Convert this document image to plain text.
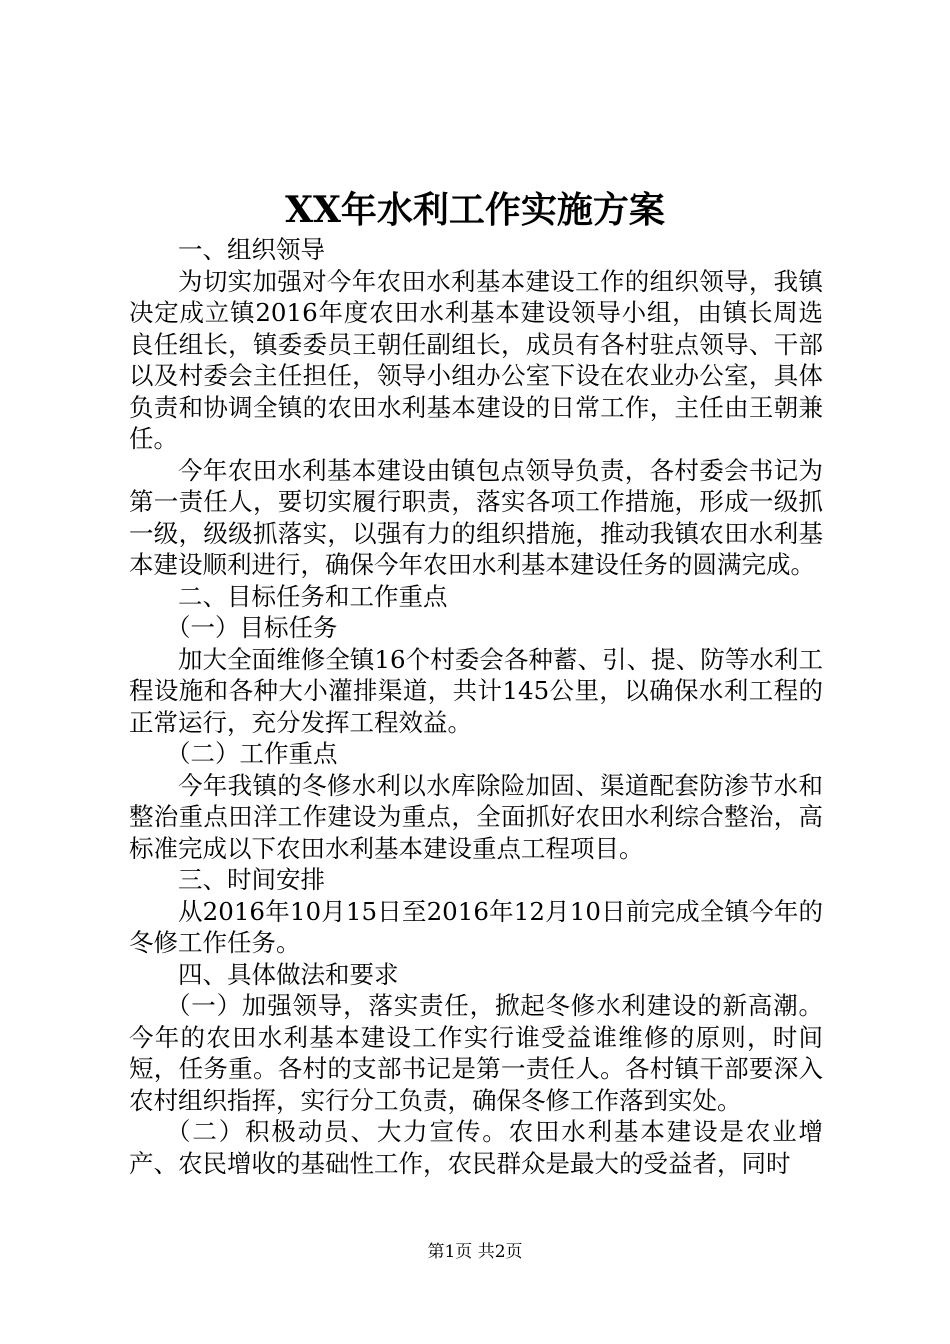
XX年水利工作实施方案

一、组织领导

为切实加强对今年农田水利基本建设工作的组织领导，我镇决定成立镇2016年度农田水利基本建设领导小组，由镇长周选良任组长，镇委委员王朝任副组长，成员有各村驻点领导、干部以及村委会主任担任，领导小组办公室下设在农业办公室，具体负责和协调全镇的农田水利基本建设的日常工作，主任由王朝兼任。

今年农田水利基本建设由镇包点领导负责，各村委会书记为第一责任人，要切实履行职责，落实各项工作措施，形成一级抓一级，级级抓落实，以强有力的组织措施，推动我镇农田水利基本建设顺利进行，确保今年农田水利基本建设任务的圆满完成。

二、目标任务和工作重点

（一）目标任务

加大全面维修全镇16个村委会各种蓄、引、提、防等水利工程设施和各种大小灌排渠道，共计145公里，以确保水利工程的正常运行，充分发挥工程效益。

（二）工作重点

今年我镇的冬修水利以水库除险加固、渠道配套防渗节水和整治重点田洋工作建设为重点，全面抓好农田水利综合整治，高标准完成以下农田水利基本建设重点工程项目。

三、时间安排

从2016年10月15日至2016年12月10日前完成全镇今年的冬修工作任务。

四、具体做法和要求

（一）加强领导，落实责任，掀起冬修水利建设的新高潮。今年的农田水利基本建设工作实行谁受益谁维修的原则，时间短，任务重。各村的支部书记是第一责任人。各村镇干部要深入农村组织指挥，实行分工负责，确保冬修工作落到实处。

（二）积极动员、大力宣传。农田水利基本建设是农业增产、农民增收的基础性工作，农民群众是最大的受益者，同时

第1页 共2页
